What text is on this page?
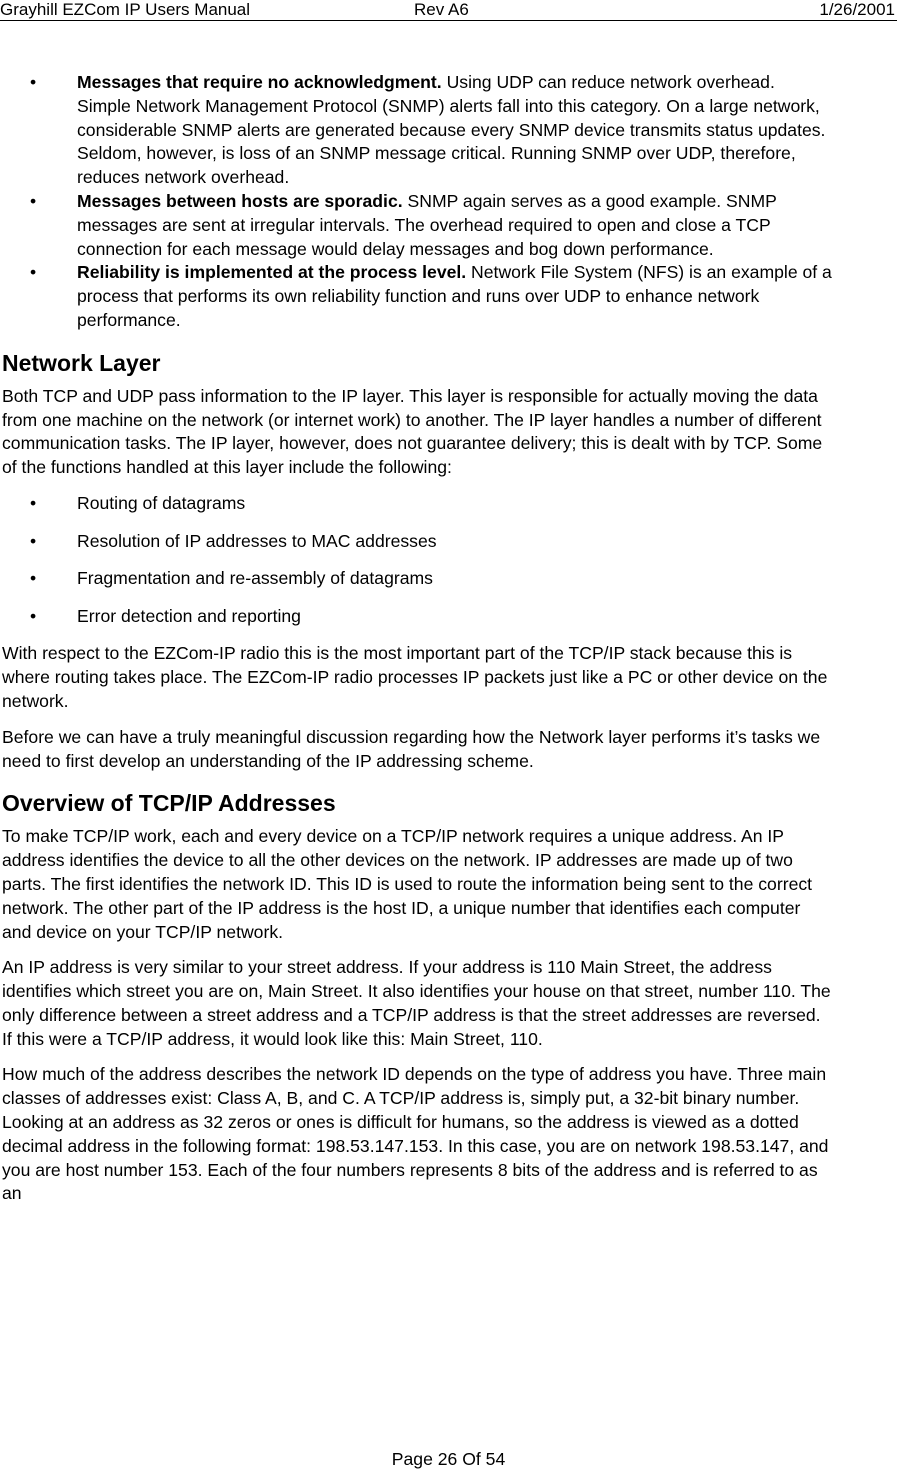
Grayhill EZCom IP Users Manual	Rev A6	1/26/2001
• Messages that require no acknowledgment. Using UDP can reduce network overhead. Simple Network Management Protocol (SNMP) alerts fall into this category. On a large network, considerable SNMP alerts are generated because every SNMP device transmits status updates. Seldom, however, is loss of an SNMP message critical. Running SNMP over UDP, therefore, reduces network overhead.
• Messages between hosts are sporadic. SNMP again serves as a good example. SNMP messages are sent at irregular intervals. The overhead required to open and close a TCP connection for each message would delay messages and bog down performance.
• Reliability is implemented at the process level. Network File System (NFS) is an example of a process that performs its own reliability function and runs over UDP to enhance network performance.
Network Layer

Both TCP and UDP pass information to the IP layer. This layer is responsible for actually moving the data from one machine on the network (or internet work) to another. The IP layer handles a number of different communication tasks. The IP layer, however, does not guarantee delivery; this is dealt with by TCP. Some of the functions handled at this layer include the following:

• Routing of datagrams
• Resolution of IP addresses to MAC addresses
• Fragmentation and re-assembly of datagrams
• Error detection and reporting

With respect to the EZCom-IP radio this is the most important part of the TCP/IP stack because this is where routing takes place. The EZCom-IP radio processes IP packets just like a PC or other device on the network.

Before we can have a truly meaningful discussion regarding how the Network layer performs it’s tasks we need to first develop an understanding of the IP addressing scheme.

Overview of TCP/IP Addresses

To make TCP/IP work, each and every device on a TCP/IP network requires a unique address. An IP address identifies the device to all the other devices on the network. IP addresses are made up of two parts. The first identifies the network ID. This ID is used to route the information being sent to the correct network. The other part of the IP address is the host ID, a unique number that identifies each computer and device on your TCP/IP network.

An IP address is very similar to your street address. If your address is 110 Main Street, the address identifies which street you are on, Main Street. It also identifies your house on that street, number 110. The only difference between a street address and a TCP/IP address is that the street addresses are reversed. If this were a TCP/IP address, it would look like this: Main Street, 110.

How much of the address describes the network ID depends on the type of address you have. Three main classes of addresses exist: Class A, B, and C. A TCP/IP address is, simply put, a 32-bit binary number. Looking at an address as 32 zeros or ones is difficult for humans, so the address is viewed as a dotted decimal address in the following format: 198.53.147.153. In this case, you are on network 198.53.147, and you are host number 153. Each of the four numbers represents 8 bits of the address and is referred to as an

Page 26 Of 54
